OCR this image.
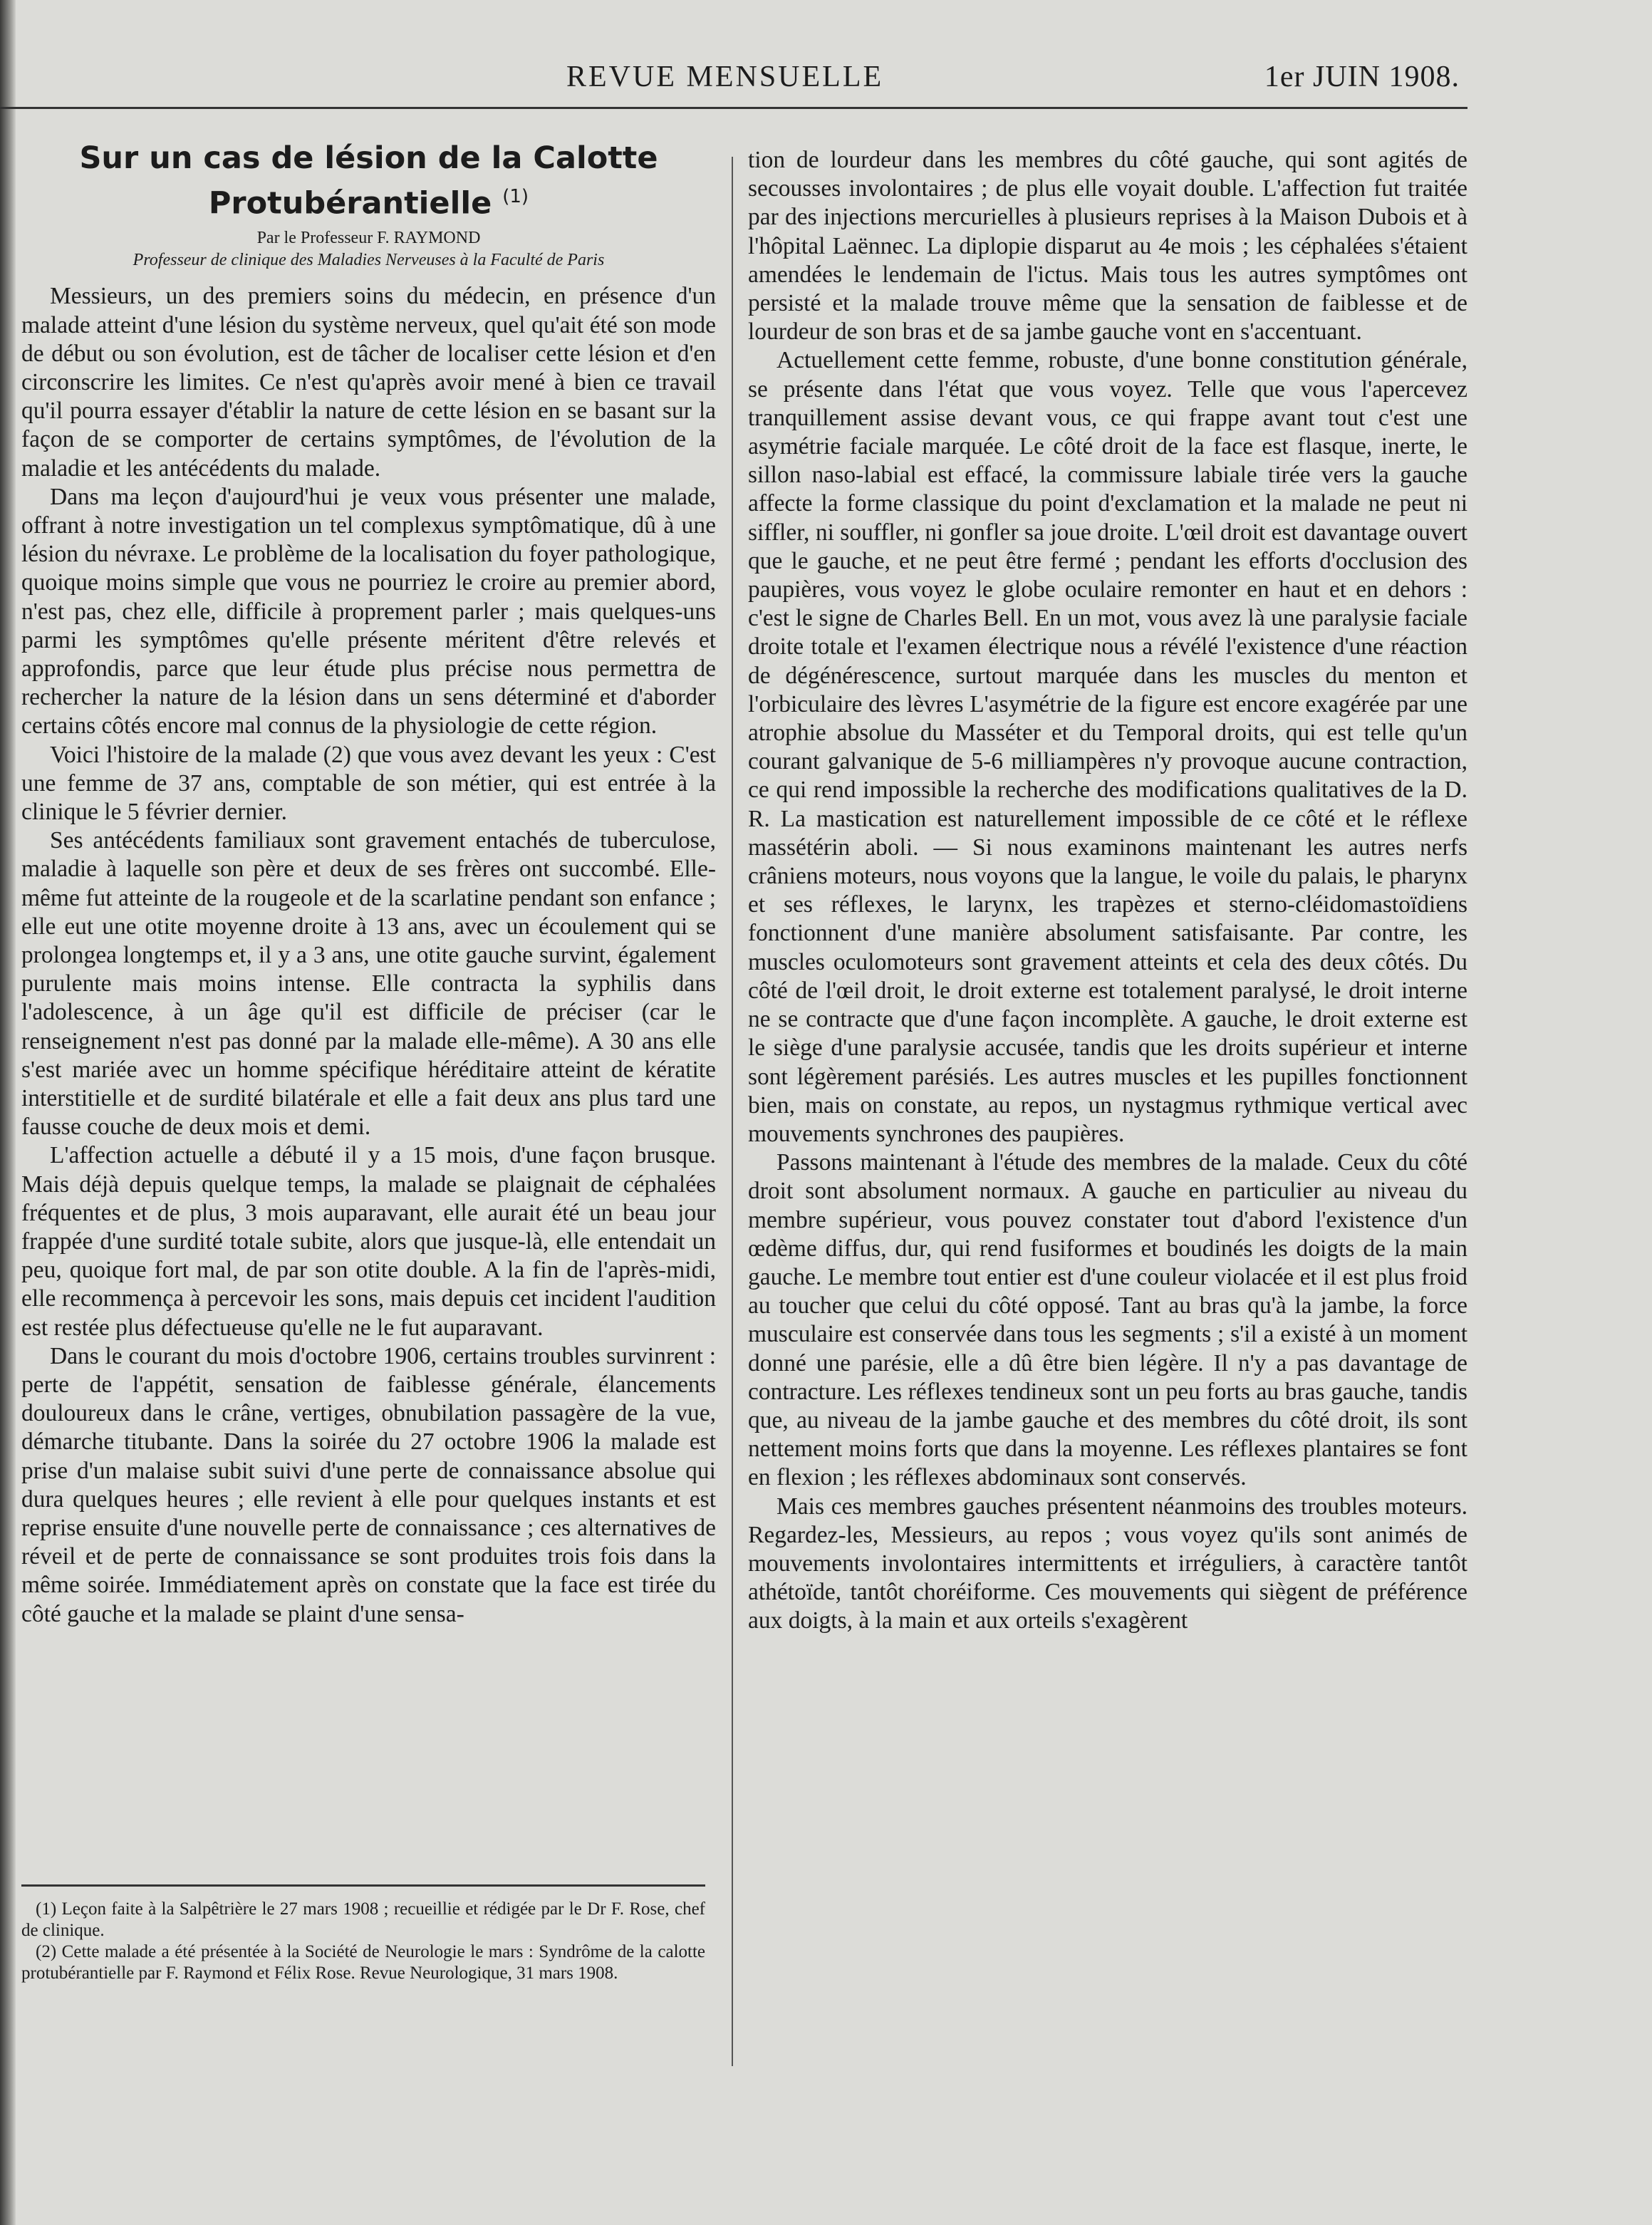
REVUE MENSUELLE	1er JUIN 1908.
Sur un cas de lésion de la Calotte Protubérantielle $^{(1)}$
Par le Professeur F. RAYMOND
Professeur de clinique des Maladies Nerveuses à la Faculté de Paris

Messieurs, un des premiers soins du médecin, en présence d'un malade atteint d'une lésion du système nerveux, quel qu'ait été son mode de début ou son évolution, est de tâcher de localiser cette lésion et d'en circonscrire les limites. Ce n'est qu'après avoir mené à bien ce travail qu'il pourra essayer d'établir la nature de cette lésion en se basant sur la façon de se comporter de certains symptômes, de l'évolution de la maladie et les antécédents du malade.

Dans ma leçon d'aujourd'hui je veux vous présenter une malade, offrant à notre investigation un tel complexus symptômatique, dû à une lésion du névraxe. Le problème de la localisation du foyer pathologique, quoique moins simple que vous ne pourriez le croire au premier abord, n'est pas, chez elle, difficile à proprement parler ; mais quelques-uns parmi les symptômes qu'elle présente méritent d'être relevés et approfondis, parce que leur étude plus précise nous permettra de rechercher la nature de la lésion dans un sens déterminé et d'aborder certains côtés encore mal connus de la physiologie de cette région.

Voici l'histoire de la malade (2) que vous avez devant les yeux : C'est une femme de 37 ans, comptable de son métier, qui est entrée à la clinique le 5 février dernier.

Ses antécédents familiaux sont gravement entachés de tuberculose, maladie à laquelle son père et deux de ses frères ont succombé. Elle-même fut atteinte de la rougeole et de la scarlatine pendant son enfance ; elle eut une otite moyenne droite à 13 ans, avec un écoulement qui se prolongea longtemps et, il y a 3 ans, une otite gauche survint, également purulente mais moins intense. Elle contracta la syphilis dans l'adolescence, à un âge qu'il est difficile de préciser (car le renseignement n'est pas donné par la malade elle-même). A 30 ans elle s'est mariée avec un homme spécifique héréditaire atteint de kératite interstitielle et de surdité bilatérale et elle a fait deux ans plus tard une fausse couche de deux mois et demi.

L'affection actuelle a débuté il y a 15 mois, d'une façon brusque. Mais déjà depuis quelque temps, la malade se plaignait de céphalées fréquentes et de plus, 3 mois auparavant, elle aurait été un beau jour frappée d'une surdité totale subite, alors que jusque-là, elle entendait un peu, quoique fort mal, de par son otite double. A la fin de l'après-midi, elle recommença à percevoir les sons, mais depuis cet incident l'audition est restée plus défectueuse qu'elle ne le fut auparavant.

Dans le courant du mois d'octobre 1906, certains troubles survinrent : perte de l'appétit, sensation de faiblesse générale, élancements douloureux dans le crâne, vertiges, obnubilation passagère de la vue, démarche titubante. Dans la soirée du 27 octobre 1906 la malade est prise d'un malaise subit suivi d'une perte de connaissance absolue qui dura quelques heures ; elle revient à elle pour quelques instants et est reprise ensuite d'une nouvelle perte de connaissance ; ces alternatives de réveil et de perte de connaissance se sont produites trois fois dans la même soirée. Immédiatement après on constate que la face est tirée du côté gauche et la malade se plaint d'une sensa-

(1) Leçon faite à la Salpêtrière le 27 mars 1908 ; recueillie et rédigée par le Dr F. Rose, chef de clinique.

(2) Cette malade a été présentée à la Société de Neurologie le mars : Syndrôme de la calotte protubérantielle par F. Raymond et Félix Rose. Revue Neurologique, 31 mars 1908.

tion de lourdeur dans les membres du côté gauche, qui sont agités de secousses involontaires ; de plus elle voyait double. L'affection fut traitée par des injections mercurielles à plusieurs reprises à la Maison Dubois et à l'hôpital Laënnec. La diplopie disparut au 4e mois ; les céphalées s'étaient amendées le lendemain de l'ictus. Mais tous les autres symptômes ont persisté et la malade trouve même que la sensation de faiblesse et de lourdeur de son bras et de sa jambe gauche vont en s'accentuant.

Actuellement cette femme, robuste, d'une bonne constitution générale, se présente dans l'état que vous voyez. Telle que vous l'apercevez tranquillement assise devant vous, ce qui frappe avant tout c'est une asymétrie faciale marquée. Le côté droit de la face est flasque, inerte, le sillon naso-labial est effacé, la commissure labiale tirée vers la gauche affecte la forme classique du point d'exclamation et la malade ne peut ni siffler, ni souffler, ni gonfler sa joue droite. L'œil droit est davantage ouvert que le gauche, et ne peut être fermé ; pendant les efforts d'occlusion des paupières, vous voyez le globe oculaire remonter en haut et en dehors : c'est le signe de Charles Bell. En un mot, vous avez là une paralysie faciale droite totale et l'examen électrique nous a révélé l'existence d'une réaction de dégénérescence, surtout marquée dans les muscles du menton et l'orbiculaire des lèvres L'asymétrie de la figure est encore exagérée par une atrophie absolue du Masséter et du Temporal droits, qui est telle qu'un courant galvanique de 5-6 milliampères n'y provoque aucune contraction, ce qui rend impossible la recherche des modifications qualitatives de la D. R. La mastication est naturellement impossible de ce côté et le réflexe massétérin aboli. — Si nous examinons maintenant les autres nerfs crâniens moteurs, nous voyons que la langue, le voile du palais, le pharynx et ses réflexes, le larynx, les trapèzes et sterno-cléidomastoïdiens fonctionnent d'une manière absolument satisfaisante. Par contre, les muscles oculomoteurs sont gravement atteints et cela des deux côtés. Du côté de l'œil droit, le droit externe est totalement paralysé, le droit interne ne se contracte que d'une façon incomplète. A gauche, le droit externe est le siège d'une paralysie accusée, tandis que les droits supérieur et interne sont légèrement parésiés. Les autres muscles et les pupilles fonctionnent bien, mais on constate, au repos, un nystagmus rythmique vertical avec mouvements synchrones des paupières.

Passons maintenant à l'étude des membres de la malade. Ceux du côté droit sont absolument normaux. A gauche en particulier au niveau du membre supérieur, vous pouvez constater tout d'abord l'existence d'un œdème diffus, dur, qui rend fusiformes et boudinés les doigts de la main gauche. Le membre tout entier est d'une couleur violacée et il est plus froid au toucher que celui du côté opposé. Tant au bras qu'à la jambe, la force musculaire est conservée dans tous les segments ; s'il a existé à un moment donné une parésie, elle a dû être bien légère. Il n'y a pas davantage de contracture. Les réflexes tendineux sont un peu forts au bras gauche, tandis que, au niveau de la jambe gauche et des membres du côté droit, ils sont nettement moins forts que dans la moyenne. Les réflexes plantaires se font en flexion ; les réflexes abdominaux sont conservés.

Mais ces membres gauches présentent néanmoins des troubles moteurs. Regardez-les, Messieurs, au repos ; vous voyez qu'ils sont animés de mouvements involontaires intermittents et irréguliers, à caractère tantôt athétoïde, tantôt choréiforme. Ces mouvements qui siègent de préférence aux doigts, à la main et aux orteils s'exagèrent
